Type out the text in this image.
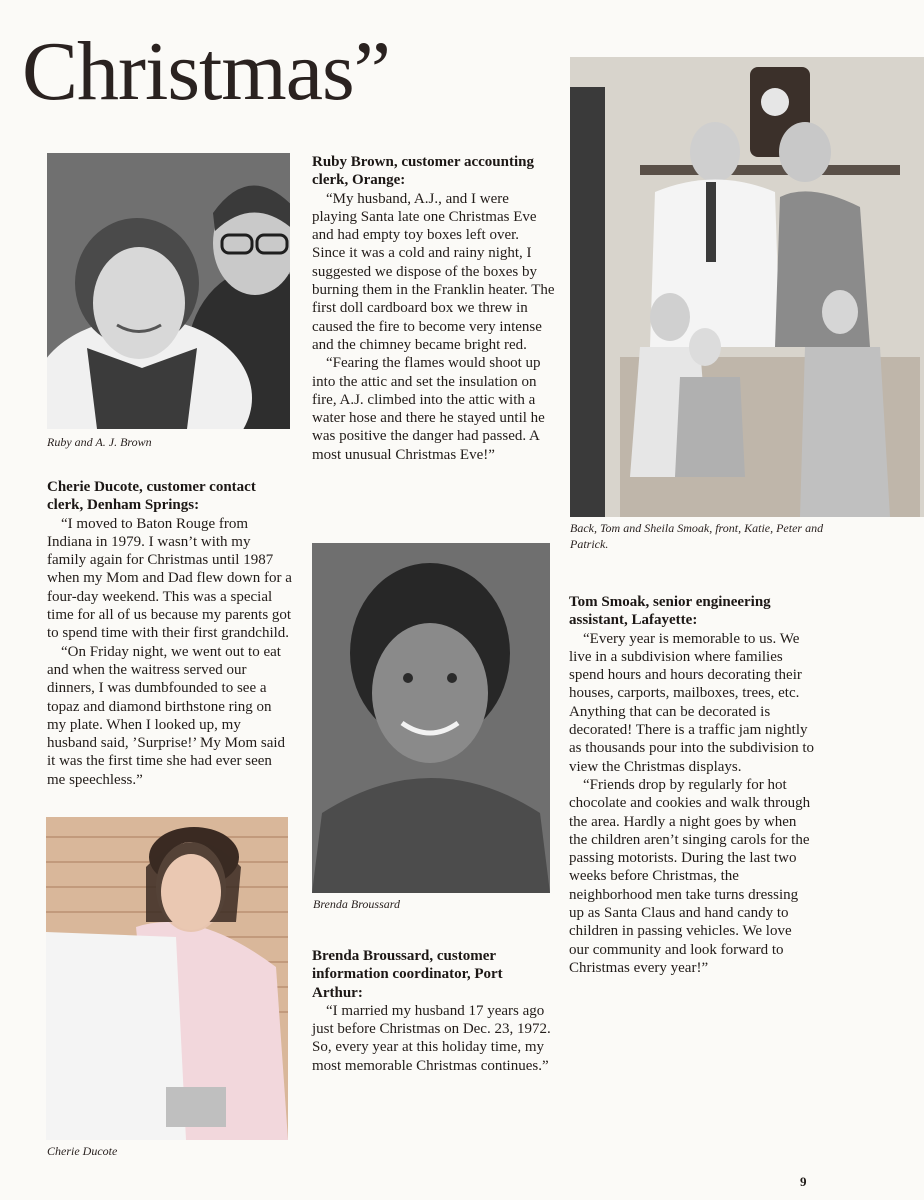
Christmas”
Ruby and A. J. Brown
Cherie Ducote, customer contact clerk, Denham Springs:

“I moved to Baton Rouge from Indiana in 1979. I wasn’t with my family again for Christmas until 1987 when my Mom and Dad flew down for a four-day weekend. This was a special time for all of us because my parents got to spend time with their first grandchild.

“On Friday night, we went out to eat and when the waitress served our dinners, I was dumbfounded to see a topaz and diamond birthstone ring on my plate. When I looked up, my husband said, ’Surprise!’ My Mom said it was the first time she had ever seen me speechless.”

Cherie Ducote
Ruby Brown, customer accounting clerk, Orange:

“My husband, A.J., and I were playing Santa late one Christmas Eve and had empty toy boxes left over. Since it was a cold and rainy night, I suggested we dispose of the boxes by burning them in the Franklin heater. The first doll cardboard box we threw in caused the fire to become very intense and the chimney became bright red.

“Fearing the flames would shoot up into the attic and set the insulation on fire, A.J. climbed into the attic with a water hose and there he stayed until he was positive the danger had passed. A most unusual Christmas Eve!”

Brenda Broussard
Brenda Broussard, customer information coordinator, Port Arthur:

“I married my husband 17 years ago just before Christmas on Dec. 23, 1972. So, every year at this holiday time, my most memorable Christmas continues.”

Back, Tom and Sheila Smoak, front, Katie, Peter and Patrick.
Tom Smoak, senior engineering assistant, Lafayette:

“Every year is memorable to us. We live in a subdivision where families spend hours and hours decorating their houses, carports, mailboxes, trees, etc. Anything that can be decorated is decorated! There is a traffic jam nightly as thousands pour into the subdivision to view the Christmas displays.

“Friends drop by regularly for hot chocolate and cookies and walk through the area. Hardly a night goes by when the children aren’t singing carols for the passing motorists. During the last two weeks before Christmas, the neighborhood men take turns dressing up as Santa Claus and hand candy to children in passing vehicles. We love our community and look forward to Christmas every year!”

9
